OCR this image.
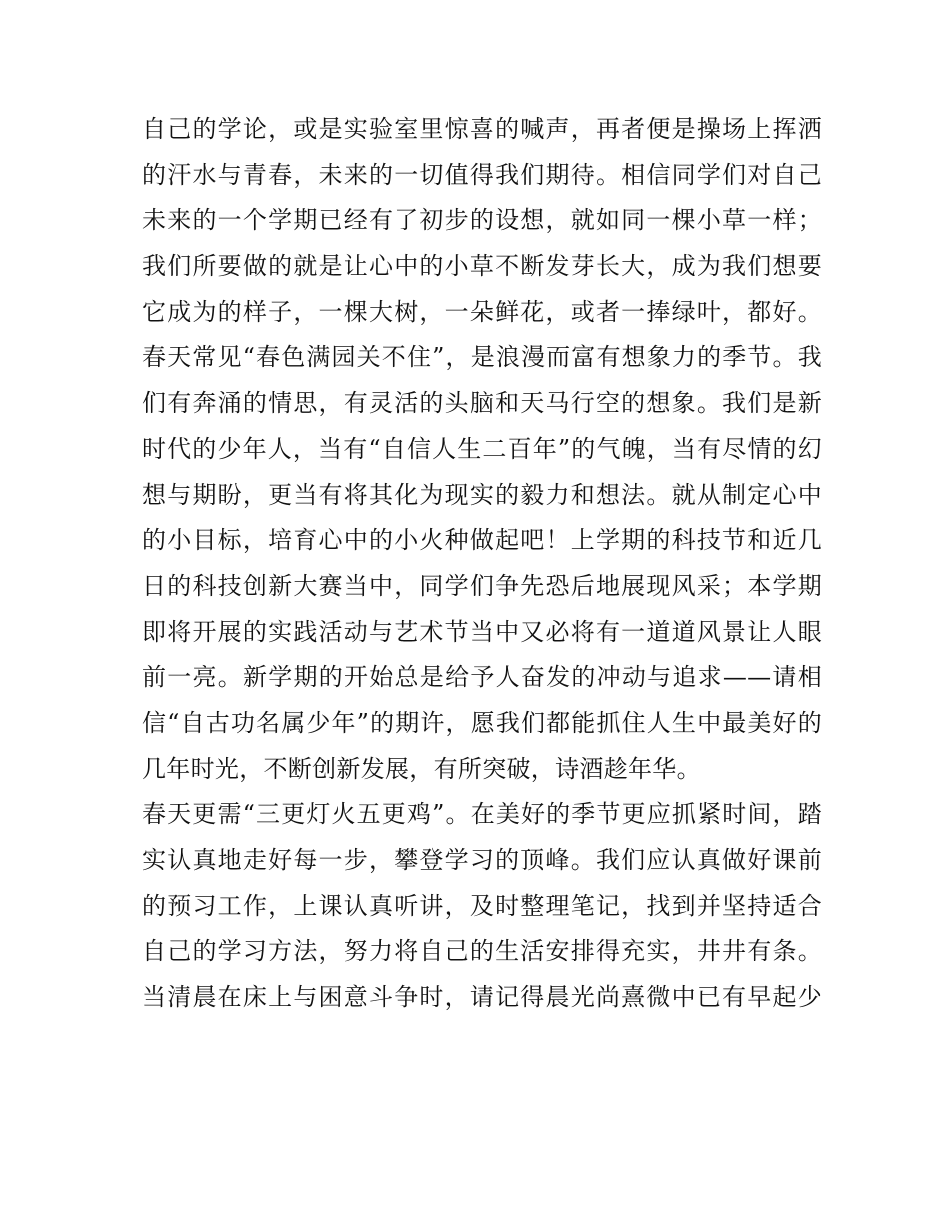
自己的学论，或是实验室里惊喜的喊声，再者便是操场上挥洒
的汗水与青春，未来的一切值得我们期待。相信同学们对自己
未来的一个学期已经有了初步的设想，就如同一棵小草一样；
我们所要做的就是让心中的小草不断发芽长大，成为我们想要
它成为的样子，一棵大树，一朵鲜花，或者一捧绿叶，都好。
春天常见“春色满园关不住”，是浪漫而富有想象力的季节。我
们有奔涌的情思，有灵活的头脑和天马行空的想象。我们是新
时代的少年人，当有“自信人生二百年”的气魄，当有尽情的幻
想与期盼，更当有将其化为现实的毅力和想法。就从制定心中
的小目标，培育心中的小火种做起吧！上学期的科技节和近几
日的科技创新大赛当中，同学们争先恐后地展现风采；本学期
即将开展的实践活动与艺术节当中又必将有一道道风景让人眼
前一亮。新学期的开始总是给予人奋发的冲动与追求——请相
信“自古功名属少年”的期许，愿我们都能抓住人生中最美好的
几年时光，不断创新发展，有所突破，诗酒趁年华。
春天更需“三更灯火五更鸡”。在美好的季节更应抓紧时间，踏
实认真地走好每一步，攀登学习的顶峰。我们应认真做好课前
的预习工作，上课认真听讲，及时整理笔记，找到并坚持适合
自己的学习方法，努力将自己的生活安排得充实，井井有条。
当清晨在床上与困意斗争时，请记得晨光尚熹微中已有早起少
